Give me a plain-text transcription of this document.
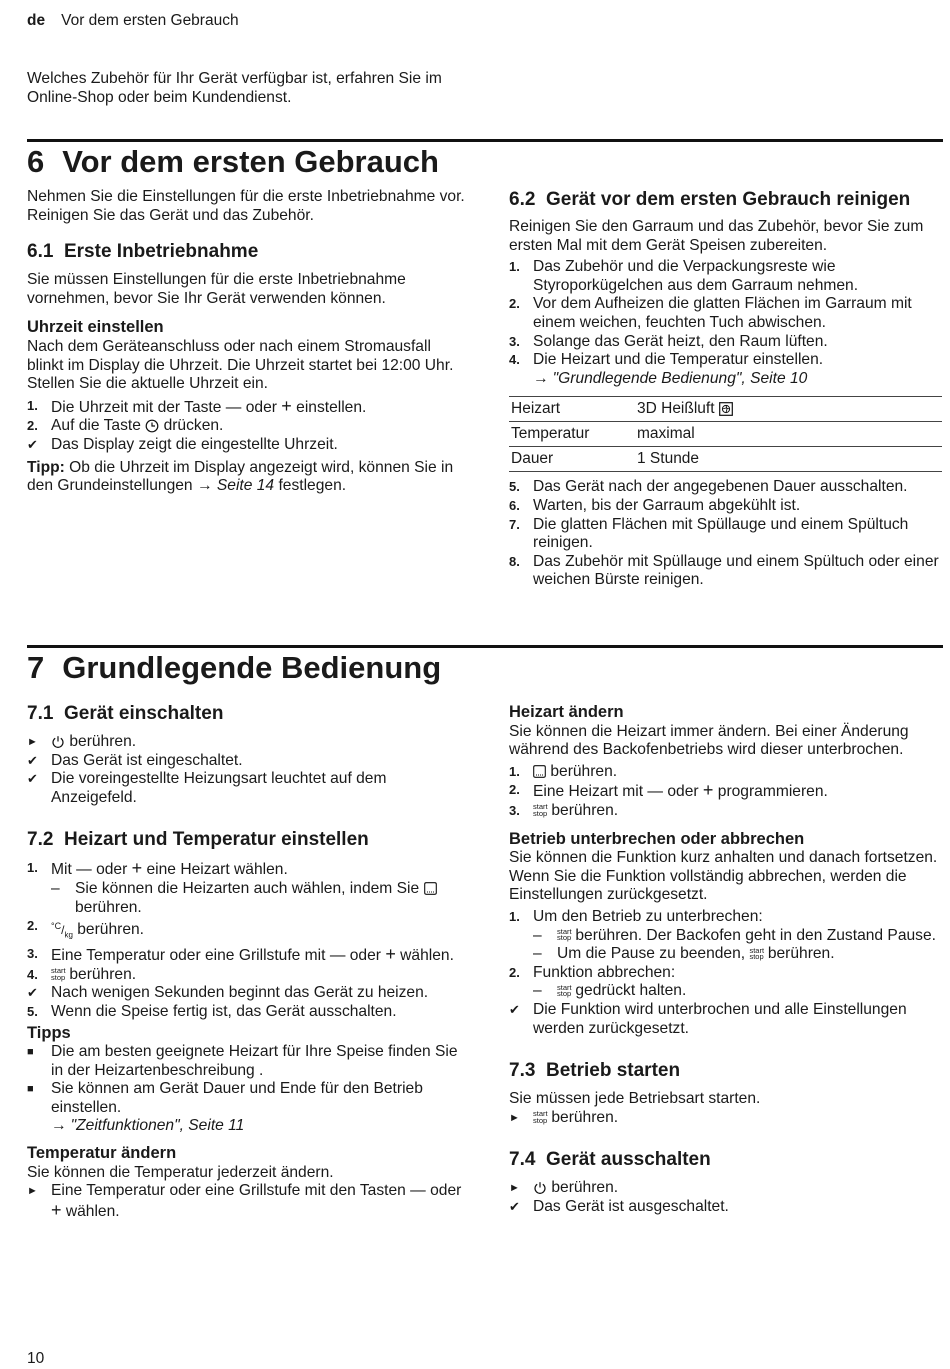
de Vor dem ersten Gebrauch

Welches Zubehör für Ihr Gerät verfügbar ist, erfahren Sie im Online-Shop oder beim Kundendienst.

6 Vor dem ersten Gebrauch

Nehmen Sie die Einstellungen für die erste Inbetriebnahme vor. Reinigen Sie das Gerät und das Zubehör.

6.1 Erste Inbetriebnahme

Sie müssen Einstellungen für die erste Inbetriebnahme vornehmen, bevor Sie Ihr Gerät verwenden können.

Uhrzeit einstellen

Nach dem Geräteanschluss oder nach einem Stromausfall blinkt im Display die Uhrzeit. Die Uhrzeit startet bei 12:00 Uhr. Stellen Sie die aktuelle Uhrzeit ein.

1. Die Uhrzeit mit der Taste — oder + einstellen.
2. Auf die Taste drücken.
✔ Das Display zeigt die eingestellte Uhrzeit.

Tipp: Ob die Uhrzeit im Display angezeigt wird, können Sie in den Grundeinstellungen → Seite 14 festlegen.

6.2 Gerät vor dem ersten Gebrauch reinigen

Reinigen Sie den Garraum und das Zubehör, bevor Sie zum ersten Mal mit dem Gerät Speisen zubereiten.

1. Das Zubehör und die Verpackungsreste wie Styroporkügelchen aus dem Garraum nehmen.
2. Vor dem Aufheizen die glatten Flächen im Garraum mit einem weichen, feuchten Tuch abwischen.
3. Solange das Gerät heizt, den Raum lüften.
4. Die Heizart und die Temperatur einstellen.

→ "Grundlegende Bedienung", Seite 10

Heizart	3D Heißluft
Temperatur	maximal
Dauer	1 Stunde
5. Das Gerät nach der angegebenen Dauer ausschalten.
6. Warten, bis der Garraum abgekühlt ist.
7. Die glatten Flächen mit Spüllauge und einem Spültuch reinigen.
8. Das Zubehör mit Spüllauge und einem Spültuch oder einer weichen Bürste reinigen.
7 Grundlegende Bedienung
7.1 Gerät einschalten
►	berühren.
✔ Das Gerät ist eingeschaltet.
✔ Die voreingestellte Heizungsart leuchtet auf dem Anzeigefeld.
7.2 Heizart und Temperatur einstellen
1. Mit — oder + eine Heizart wählen.
– Sie können die Heizarten auch wählen, indem Sie  berühren.
2.	$^{^\circ C}/_{kg}$ berühren.
3. Eine Temperatur oder eine Grillstufe mit — oder + wählen.
4.	start
stop berühren.
✔ Nach wenigen Sekunden beginnt das Gerät zu heizen.
5. Wenn die Speise fertig ist, das Gerät ausschalten.
Tipps
■	Die am besten geeignete Heizart für Ihre Speise finden Sie in der Heizartenbeschreibung .
■	Sie können am Gerät Dauer und Ende für den Betrieb einstellen.

→ "Zeitfunktionen", Seite 11

Temperatur ändern

Sie können die Temperatur jederzeit ändern.

► Eine Temperatur oder eine Grillstufe mit den Tasten — oder + wählen.
Heizart ändern

Sie können die Heizart immer ändern. Bei einer Änderung während des Backofenbetriebs wird dieser unterbrochen.

1.	berühren.
2. Eine Heizart mit — oder + programmieren.
3.	start
stop berühren.
Betrieb unterbrechen oder abbrechen

Sie können die Funktion kurz anhalten und danach fortsetzen. Wenn Sie die Funktion vollständig abbrechen, werden die Einstellungen zurückgesetzt.

1. Um den Betrieb zu unterbrechen:
–	start
stop berühren. Der Backofen geht in den Zustand Pause.
– Um die Pause zu beenden, start
stop berühren.
2. Funktion abbrechen:
–	start
stop gedrückt halten.
✔ Die Funktion wird unterbrochen und alle Einstellungen werden zurückgesetzt.
7.3 Betrieb starten

Sie müssen jede Betriebsart starten.

►	start
stop berühren.
7.4 Gerät ausschalten
►	berühren.
✔ Das Gerät ist ausgeschaltet.
10
